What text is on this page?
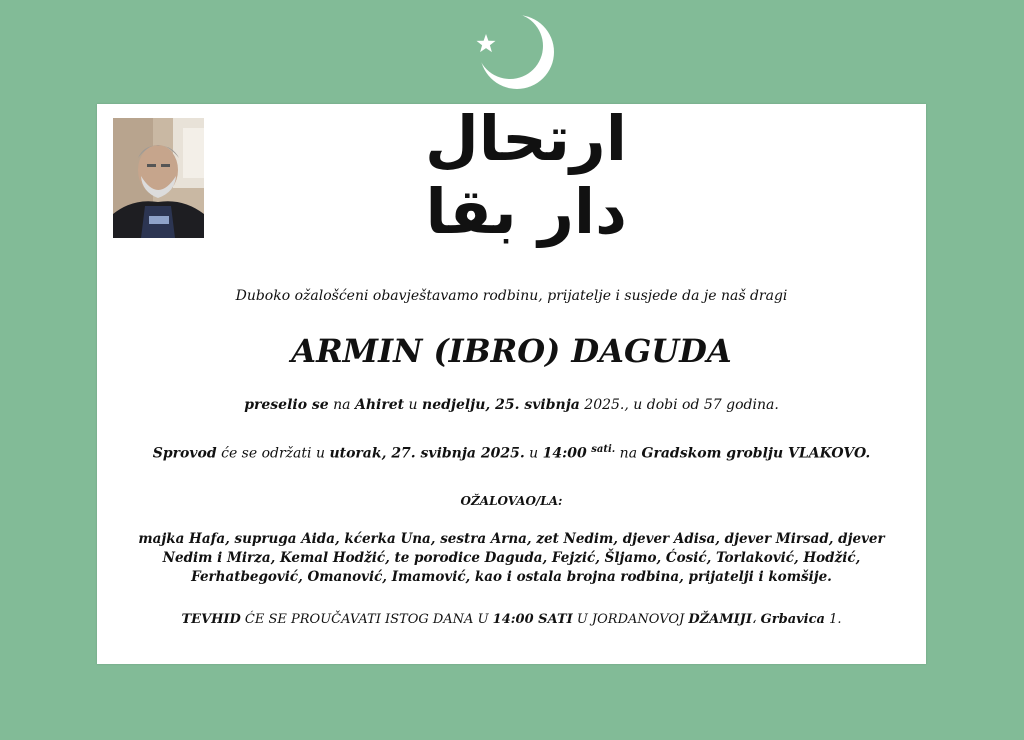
ارتحال دار بقا
Duboko ožalošćeni obavještavamo rodbinu, prijatelje i susjede da je naš dragi
ARMIN (IBRO) DAGUDA
preselio se na Ahiret u nedjelju, 25. svibnja 2025., u dobi od 57 godina.
Sprovod će se održati u utorak, 27. svibnja 2025. u 14:00 $^{sati.}$ na Gradskom groblju VLAKOVO.
OŽALOVAO/LA:
majka Hafa, supruga Aida, kćerka Una, sestra Arna, zet Nedim, djever Adisa, djever Mirsad, djever Nedim i Mirza, Kemal Hodžić, te porodice Daguda, Fejzić, Šljamo, Ćosić, Torlaković, Hodžić, Ferhatbegović, Omanović, Imamović, kao i ostala brojna rodbina, prijatelji i komšije.
TEVHID ĆE SE PROUČAVATI ISTOG DANA U 14:00 SATI U JORDANOVOJ DŽAMIJI، Grbavica 1.
